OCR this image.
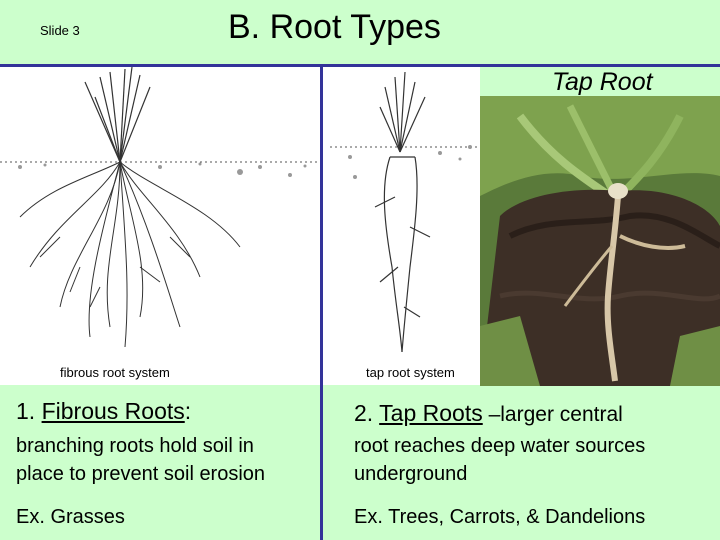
Slide 3	B. Root Types
fibrous root system	tap root system
Tap Root
1. Fibrous Roots:
branching roots hold soil in
place to prevent soil erosion
Ex. Grasses
2. Tap Roots –larger central
root reaches deep water sources
underground
Ex. Trees, Carrots, & Dandelions
